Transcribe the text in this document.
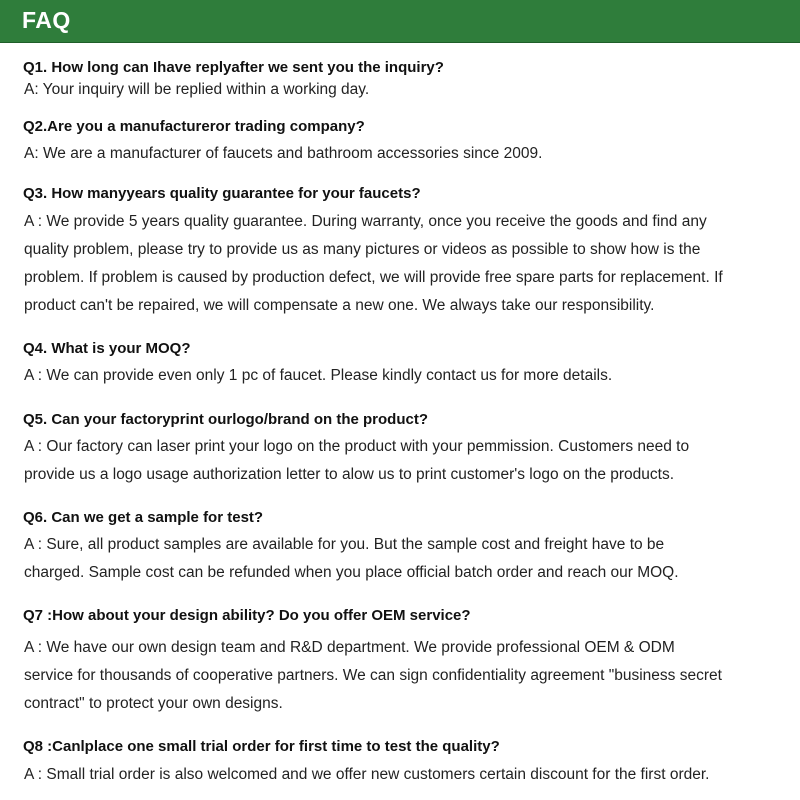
FAQ
Q1. How long can Ihave replyafter we sent you the inquiry?

A: Your inquiry will be replied within a working day.

Q2.Are you a manufactureror trading company?

A: We are a manufacturer of faucets and bathroom accessories since 2009.

Q3. How manyyears quality guarantee for your faucets?

A : We provide 5 years quality guarantee. During warranty, once you receive the goods and find any quality problem, please try to provide us as many pictures or videos as possible to show how is the problem. If problem is caused by production defect, we will provide free spare parts for replacement. If product can't be repaired, we will compensate a new one. We always take our responsibility.

Q4. What is your MOQ?

A : We can provide even only 1 pc of faucet. Please kindly contact us for more details.

Q5. Can your factoryprint ourlogo/brand on the product?

A : Our factory can laser print your logo on the product with your pemmission. Customers need to provide us a logo usage authorization letter to alow us to print customer's logo on the products.

Q6. Can we get a sample for test?

A : Sure, all product samples are available for you. But the sample cost and freight have to be charged. Sample cost can be refunded when you place official batch order and reach our MOQ.

Q7 :How about your design ability? Do you offer OEM service?

A : We have our own design team and R&D department. We provide professional OEM & ODM service for thousands of cooperative partners. We can sign confidentiality agreement "business secret contract" to protect your own designs.

Q8 :Canlplace one small trial order for first time to test the quality?

A : Small trial order is also welcomed and we offer new customers certain discount for the first order.
